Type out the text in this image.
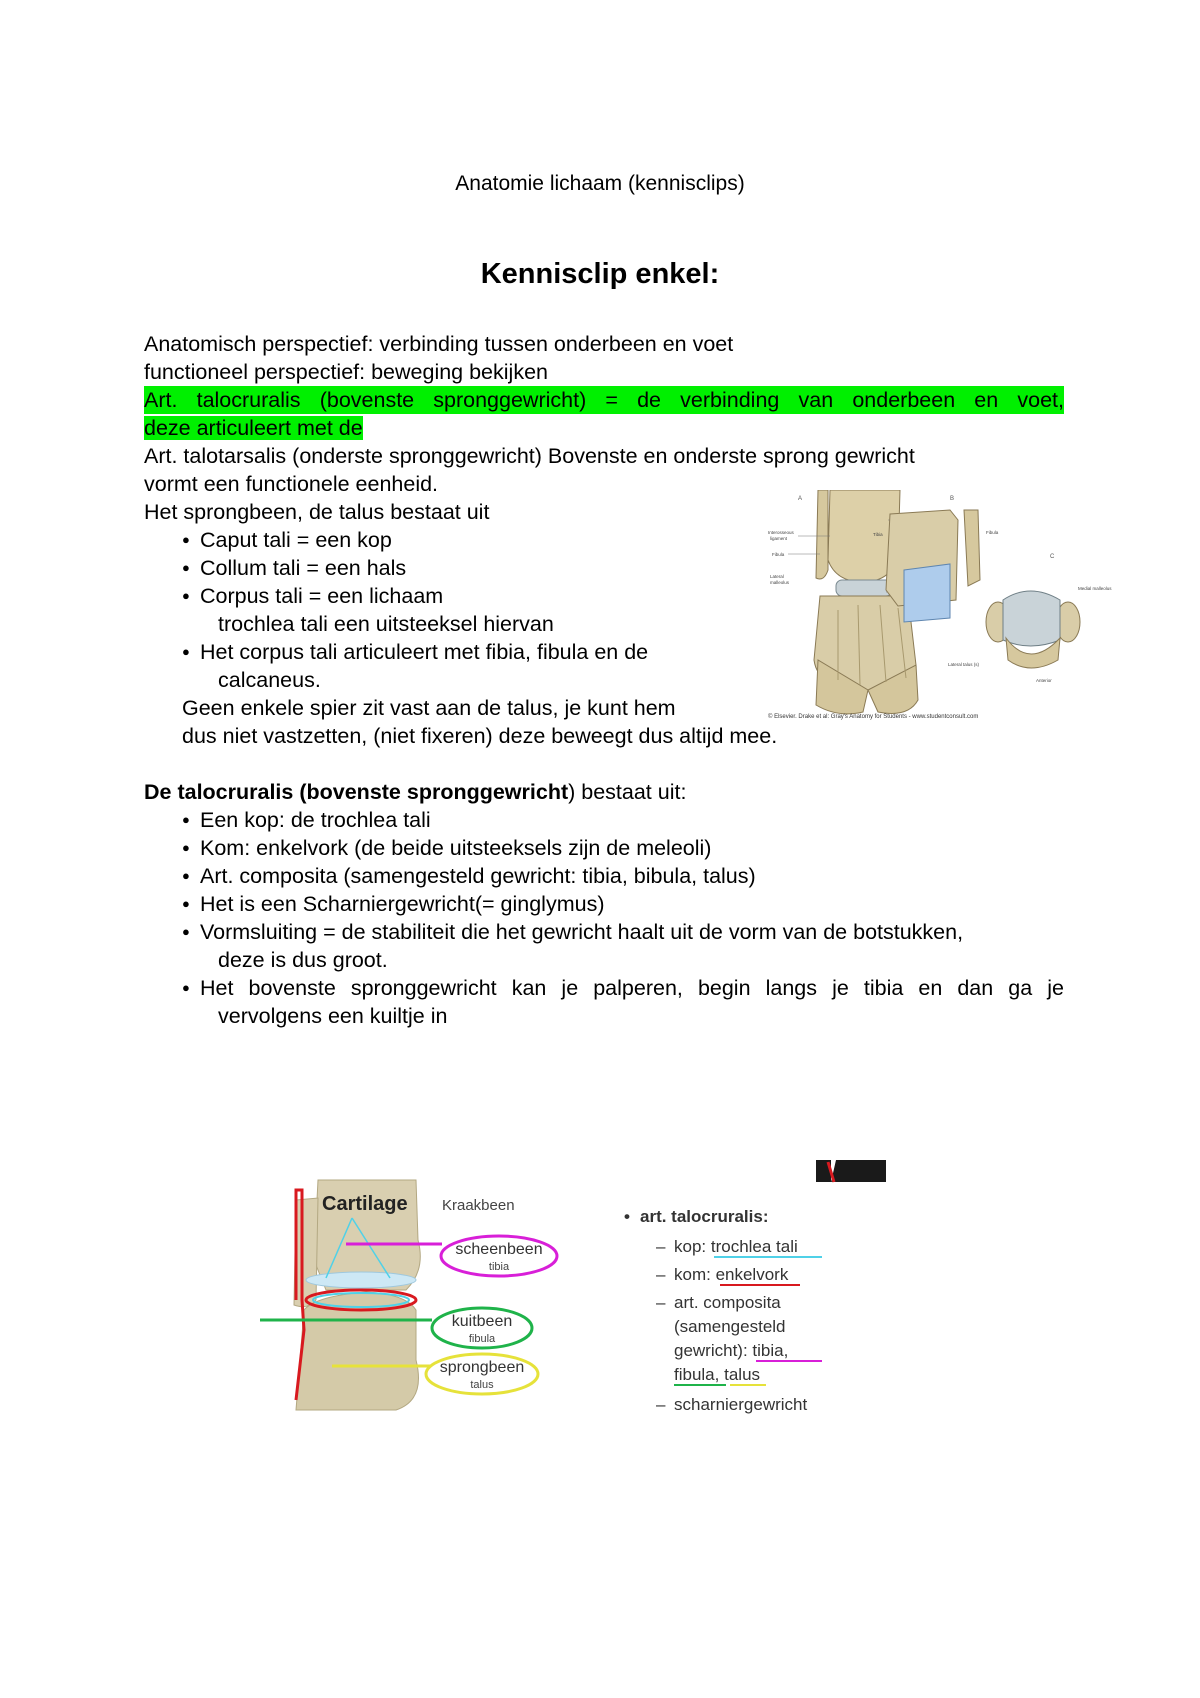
Anatomie lichaam (kennisclips)
Kennisclip enkel:
Anatomisch perspectief: verbinding tussen onderbeen en voet
functioneel perspectief: beweging bekijken
Art. talocruralis (bovenste spronggewricht) = de verbinding van onderbeen en voet,
deze articuleert met de
Art. talotarsalis (onderste spronggewricht) Bovenste en onderste sprong gewricht
vormt een functionele eenheid.
Het sprongbeen, de talus bestaat uit
● Caput tali = een kop
● Collum tali = een hals
● Corpus tali = een lichaam
trochlea tali een uitsteeksel hiervan
● Het corpus tali articuleert met fibia, fibula en de
calcaneus.
Geen enkele spier zit vast aan de talus, je kunt hem
dus niet vastzetten, (niet fixeren) deze beweegt dus altijd mee.
De talocruralis (bovenste spronggewricht) bestaat uit:
● Een kop: de trochlea tali
● Kom: enkelvork (de beide uitsteeksels zijn de meleoli)
● Art. composita (samengesteld gewricht: tibia, bibula, talus)
● Het is een Scharniergewricht(= ginglymus)
● Vormsluiting = de stabiliteit die het gewricht haalt uit de vorm van de botstukken,
deze is dus groot.
● Het bovenste spronggewricht kan je palperen, begin langs je tibia en dan ga je
vervolgens een kuiltje in
A	B
C
Interosseous
ligament
Fibula
Lateral
malleolus
Tibia	Fibula
Lateral talus (s)
Medial malleolus
Anterior
© Elsevier. Drake et al: Gray's Anatomy for Students - www.studentconsult.com
Cartilage Kraakbeen
scheenbeen
tibia
kuitbeen
fibula
sprongbeen
talus
• art. talocruralis:
– kop: trochlea tali
– kom: enkelvork
– art. composita
(samengesteld
gewricht): tibia,
fibula, talus
– scharniergewricht
